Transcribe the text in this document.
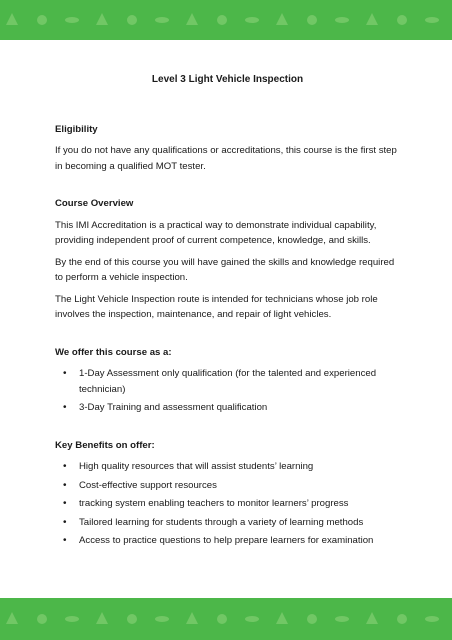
Level 3 Light Vehicle Inspection
Eligibility

If you do not have any qualifications or accreditations, this course is the first step in becoming a qualified MOT tester.

Course Overview

This IMI Accreditation is a practical way to demonstrate individual capability, providing independent proof of current competence, knowledge, and skills.

By the end of this course you will have gained the skills and knowledge required to perform a vehicle inspection.

The Light Vehicle Inspection route is intended for technicians whose job role involves the inspection, maintenance, and repair of light vehicles.

We offer this course as a:
• 1-Day Assessment only qualification (for the talented and experienced technician)
• 3-Day Training and assessment qualification
Key Benefits on offer:
• High quality resources that will assist students’ learning
• Cost-effective support resources
• tracking system enabling teachers to monitor learners’ progress
• Tailored learning for students through a variety of learning methods
• Access to practice questions to help prepare learners for examination
